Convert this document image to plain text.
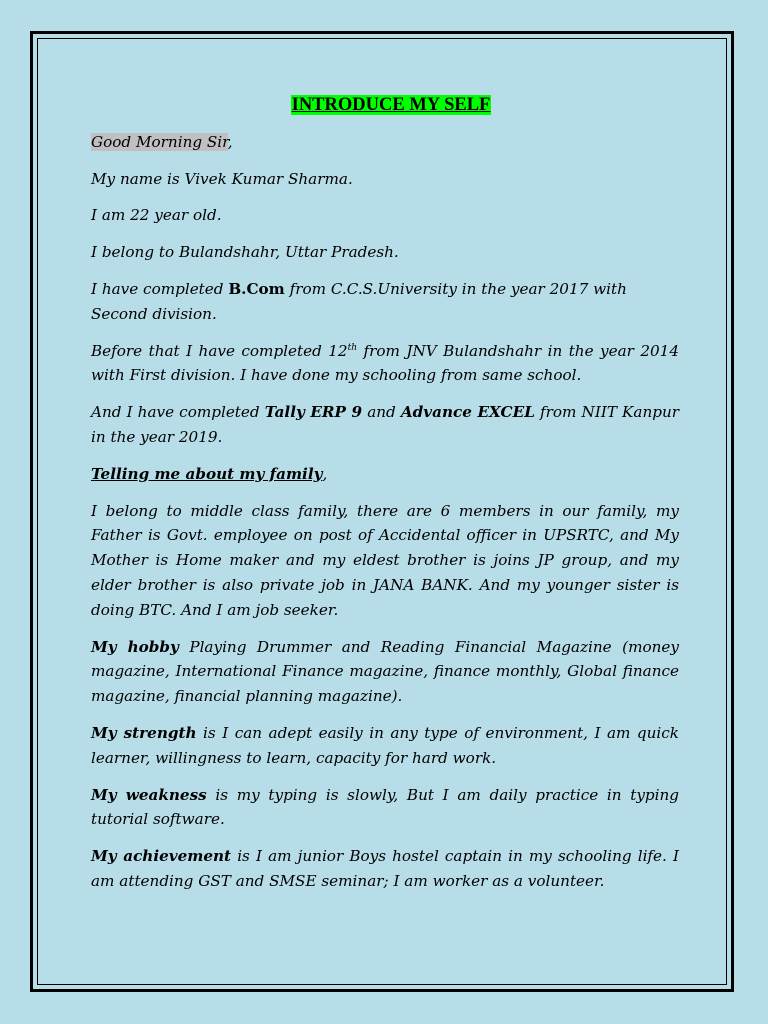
INTRODUCE MY SELF

Good Morning Sir,

My name is Vivek Kumar Sharma.

I am 22 year old.

I belong to Bulandshahr, Uttar Pradesh.

I have completed B.Com from C.C.S.University in the year 2017 with Second division.

Before that I have completed 12th from JNV Bulandshahr in the year 2014 with First division. I have done my schooling from same school.

And I have completed Tally ERP 9 and Advance EXCEL from NIIT Kanpur in the year 2019.

Telling me about my family,

I belong to middle class family, there are 6 members in our family, my Father is Govt. employee on post of Accidental officer in UPSRTC, and My Mother is Home maker and my eldest brother is joins JP group, and my elder brother is also private job in JANA BANK. And my younger sister is doing BTC. And I am job seeker.

My hobby Playing Drummer and Reading Financial Magazine (money magazine, International Finance magazine, finance monthly, Global finance magazine, financial planning magazine).

My strength is I can adept easily in any type of environment, I am quick learner, willingness to learn, capacity for hard work.

My weakness is my typing is slowly, But I am daily practice in typing tutorial software.

My achievement is I am junior Boys hostel captain in my schooling life. I am attending GST and SMSE seminar; I am worker as a volunteer.
